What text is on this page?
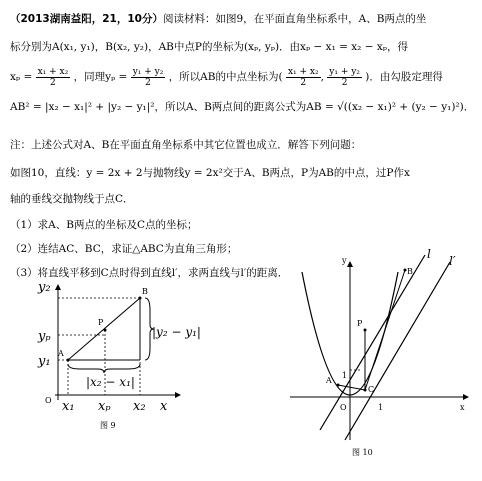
（2013湖南益阳，21，10分）阅读材料：如图9，在平面直角坐标系中，A、B两点的坐
标分别为A(x₁, y₁)，B(x₂, y₂)，AB中点P的坐标为(xₚ, yₚ)．由xₚ − x₁ = x₂ − xₚ，得
$x_p = \frac{\text{x₁ + x₂}}{2}$ ，同理$y_p = \frac{\text{y₁ + y₂}}{2}$ ，所以AB的中点坐标为( $\frac{\text{x₁ + x₂}}{2}$ , $\frac{\text{y₁ + y₂}}{2}$ )．由勾股定理得
AB² = |x₂ − x₁|² + |y₂ − y₁|²，所以A、B两点间的距离公式为AB = √((x₂ − x₁)² + (y₂ − y₁)²)．
注：上述公式对A、B在平面直角坐标系中其它位置也成立．解答下列问题：
如图10，直线：y = 2x + 2与抛物线y = 2x²交于A、B两点，P为AB的中点，过P作x
轴的垂线交抛物线于点C．
（1）求A、B两点的坐标及C点的坐标；
（2）连结AC、BC，求证△ABC为直角三角形；
（3）将直线平移到C点时得到直线l′，求两直线与l′的距离．
y₂
yₚ
y₁
x₁ xₚ x₂ x
|y₂ − y₁|
|x₂ − x₁|
O
A
B
P
图 9
y
x
O	1
1
A
B
P
C
l l′
图 10
